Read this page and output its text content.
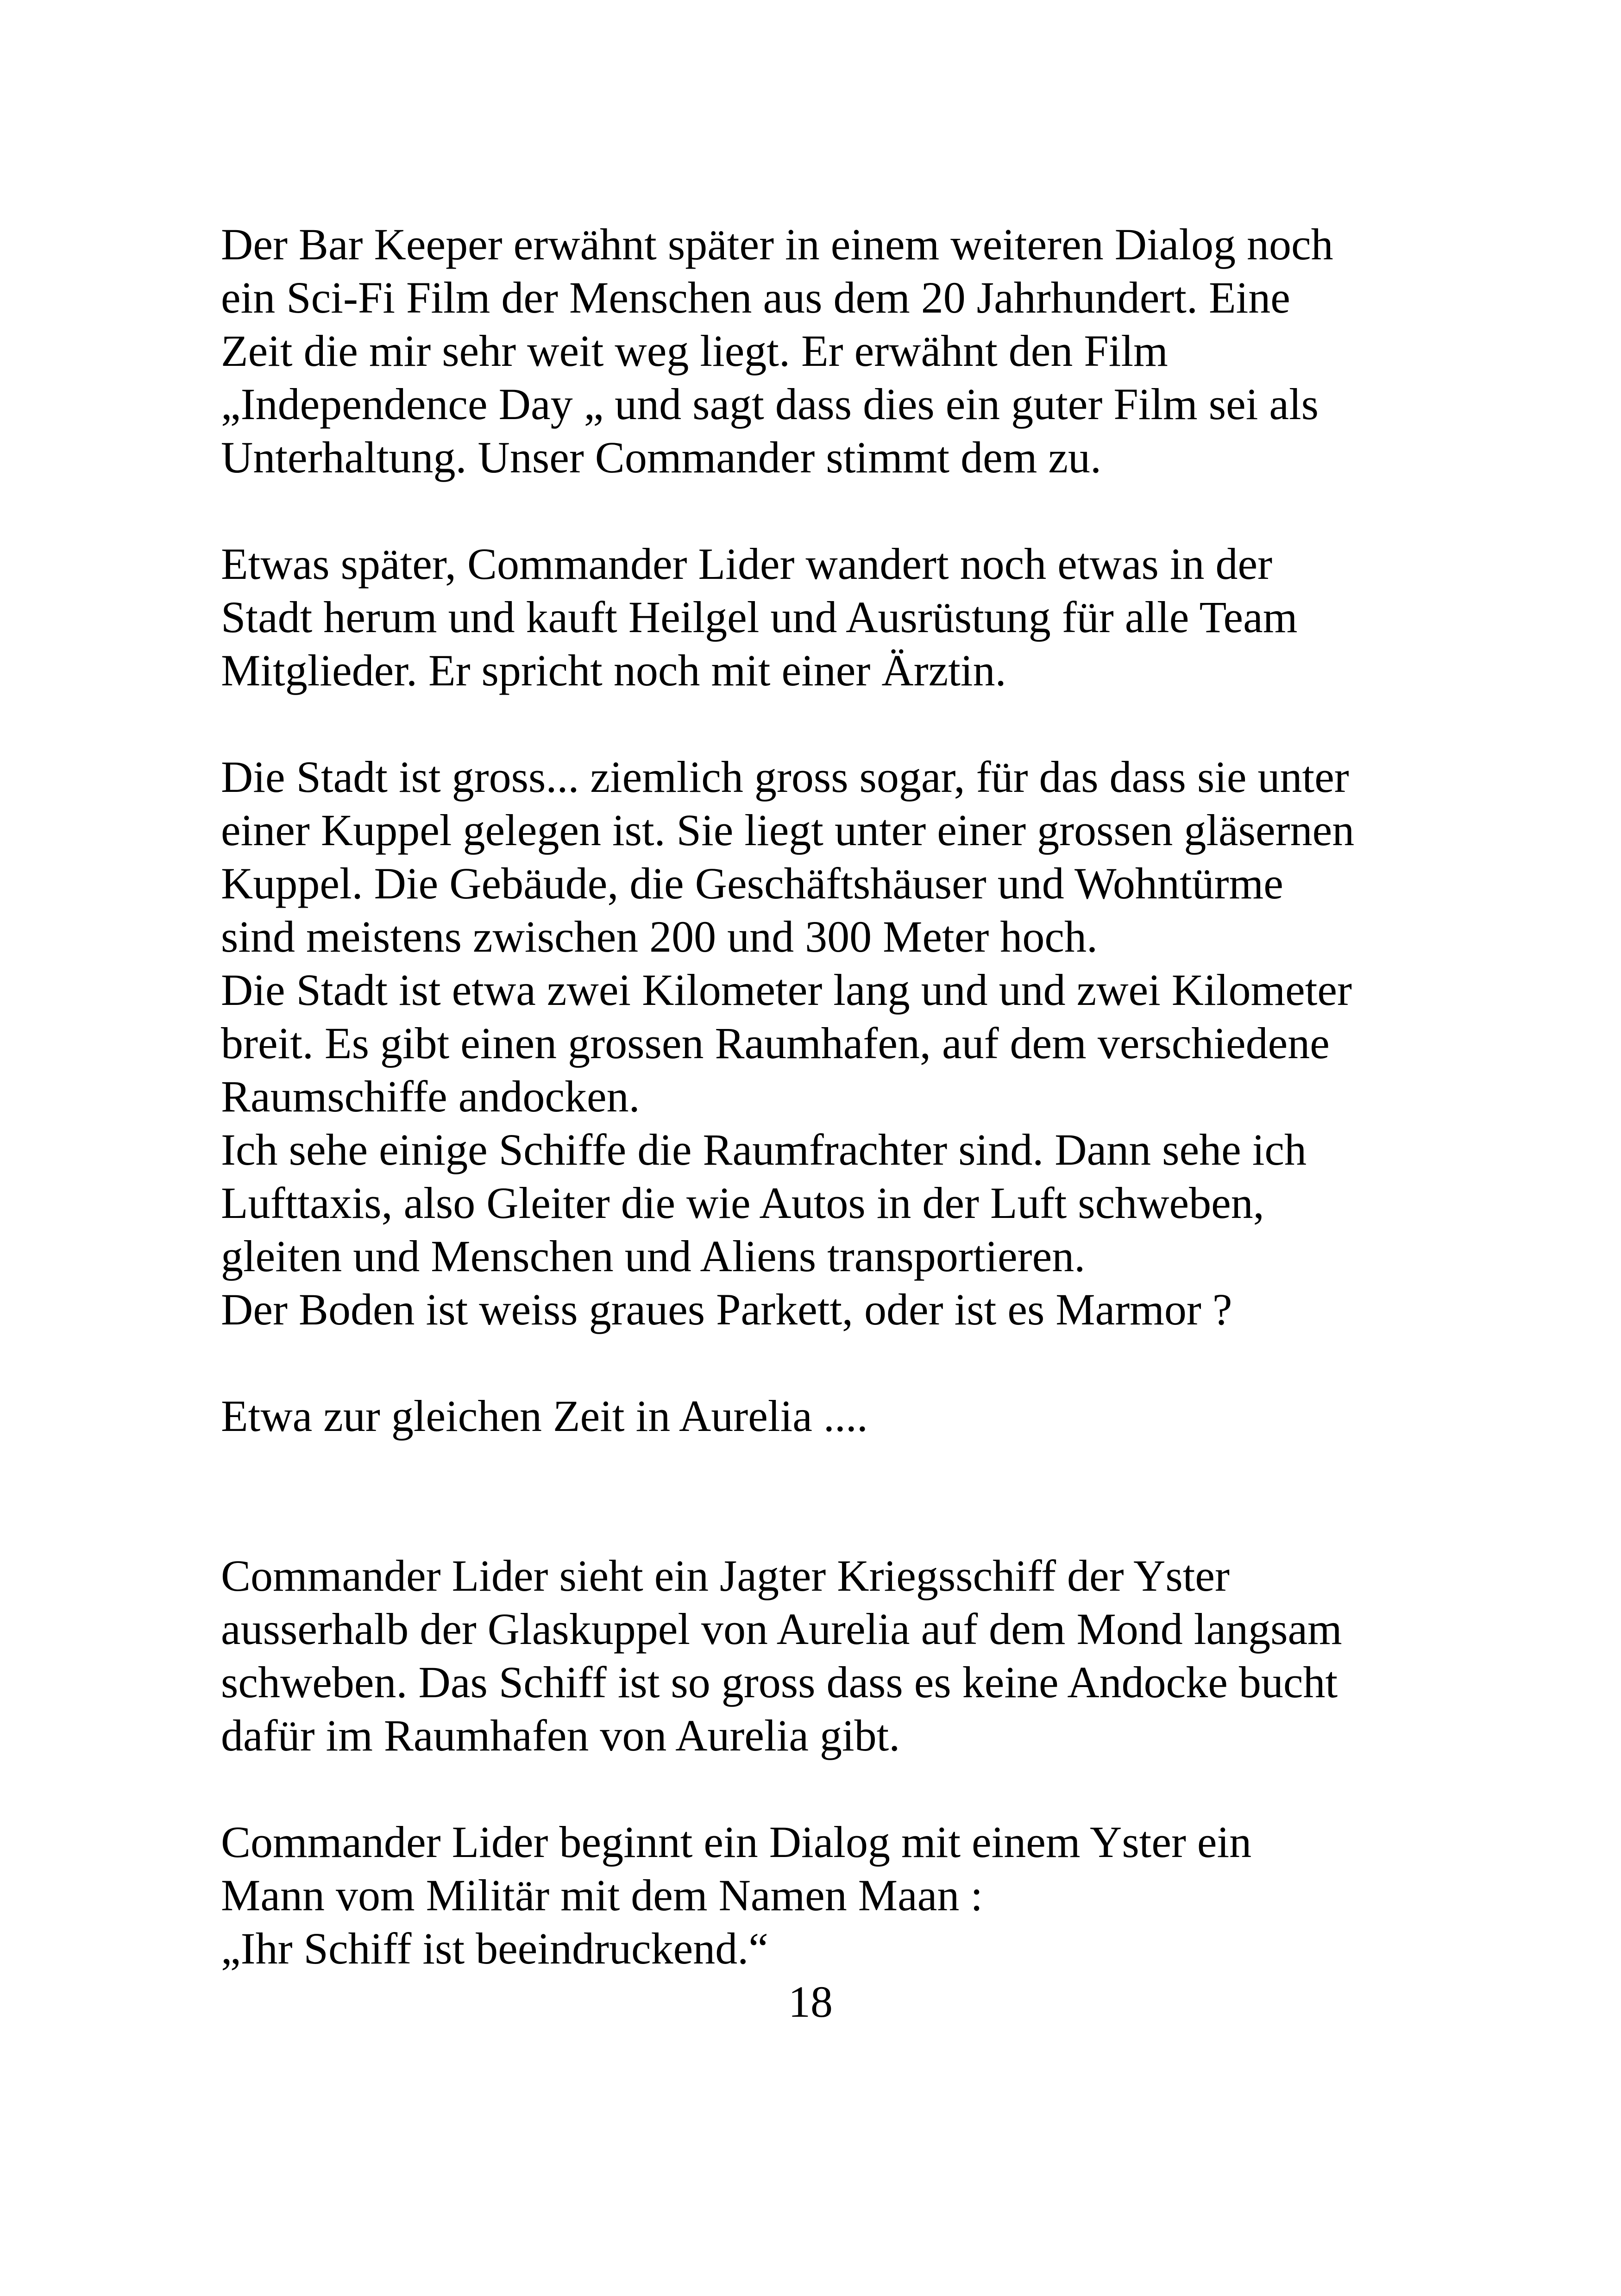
Der Bar Keeper erwähnt später in einem weiteren Dialog noch
ein Sci-Fi Film der Menschen aus dem 20 Jahrhundert. Eine
Zeit die mir sehr weit weg liegt. Er erwähnt den Film
„Independence Day „ und sagt dass dies ein guter Film sei als
Unterhaltung. Unser Commander stimmt dem zu.
Etwas später, Commander Lider wandert noch etwas in der
Stadt herum und kauft Heilgel und Ausrüstung für alle Team
Mitglieder. Er spricht noch mit einer Ärztin.
Die Stadt ist gross... ziemlich gross sogar, für das dass sie unter
einer Kuppel gelegen ist. Sie liegt unter einer grossen gläsernen
Kuppel. Die Gebäude, die Geschäftshäuser und Wohntürme
sind meistens zwischen 200 und 300 Meter hoch.
Die Stadt ist etwa zwei Kilometer lang und und zwei Kilometer
breit. Es gibt einen grossen Raumhafen, auf dem verschiedene
Raumschiffe andocken.
Ich sehe einige Schiffe die Raumfrachter sind. Dann sehe ich
Lufttaxis, also Gleiter die wie Autos in der Luft schweben,
gleiten und Menschen und Aliens transportieren.
Der Boden ist weiss graues Parkett, oder ist es Marmor ?
Etwa zur gleichen Zeit in Aurelia ....
Commander Lider sieht ein Jagter Kriegsschiff der Yster
ausserhalb der Glaskuppel von Aurelia auf dem Mond langsam
schweben. Das Schiff ist so gross dass es keine Andocke bucht
dafür im Raumhafen von Aurelia gibt.
Commander Lider beginnt ein Dialog mit einem Yster ein
Mann vom Militär mit dem Namen Maan :
„Ihr Schiff ist beeindruckend.“
18
